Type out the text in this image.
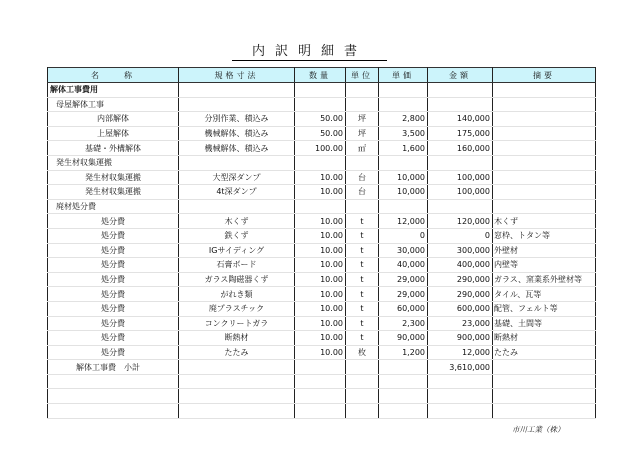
内訳明細書
名　　称	規格寸法	数量	単位	単価	金額	摘要
解体工事費用						
母屋解体工事						
内部解体	分別作業、積込み	50.00	坪	2,800	140,000	
上屋解体	機械解体、積込み	50.00	坪	3,500	175,000	
基礎・外構解体	機械解体、積込み	100.00	㎡	1,600	160,000	
発生材収集運搬						
発生材収集運搬	大型深ダンプ	10.00	台	10,000	100,000	
発生材収集運搬	4t深ダンプ	10.00	台	10,000	100,000	
廃材処分費						
処分費	木くず	10.00	t	12,000	120,000	木くず
処分費	鉄くず	10.00	t	0	0	窓枠、トタン等
処分費	IGサイディング	10.00	t	30,000	300,000	外壁材
処分費	石膏ボード	10.00	t	40,000	400,000	内壁等
処分費	ガラス陶磁器くず	10.00	t	29,000	290,000	ガラス、窯業系外壁材等
処分費	がれき類	10.00	t	29,000	290,000	タイル、瓦等
処分費	廃プラスチック	10.00	t	60,000	600,000	配管、フェルト等
処分費	コンクリートガラ	10.00	t	2,300	23,000	基礎、土間等
処分費	断熱材	10.00	t	90,000	900,000	断熱材
処分費	たたみ	10.00	枚	1,200	12,000	たたみ
解体工事費　小計					3,610,000	

市川工業（株）
